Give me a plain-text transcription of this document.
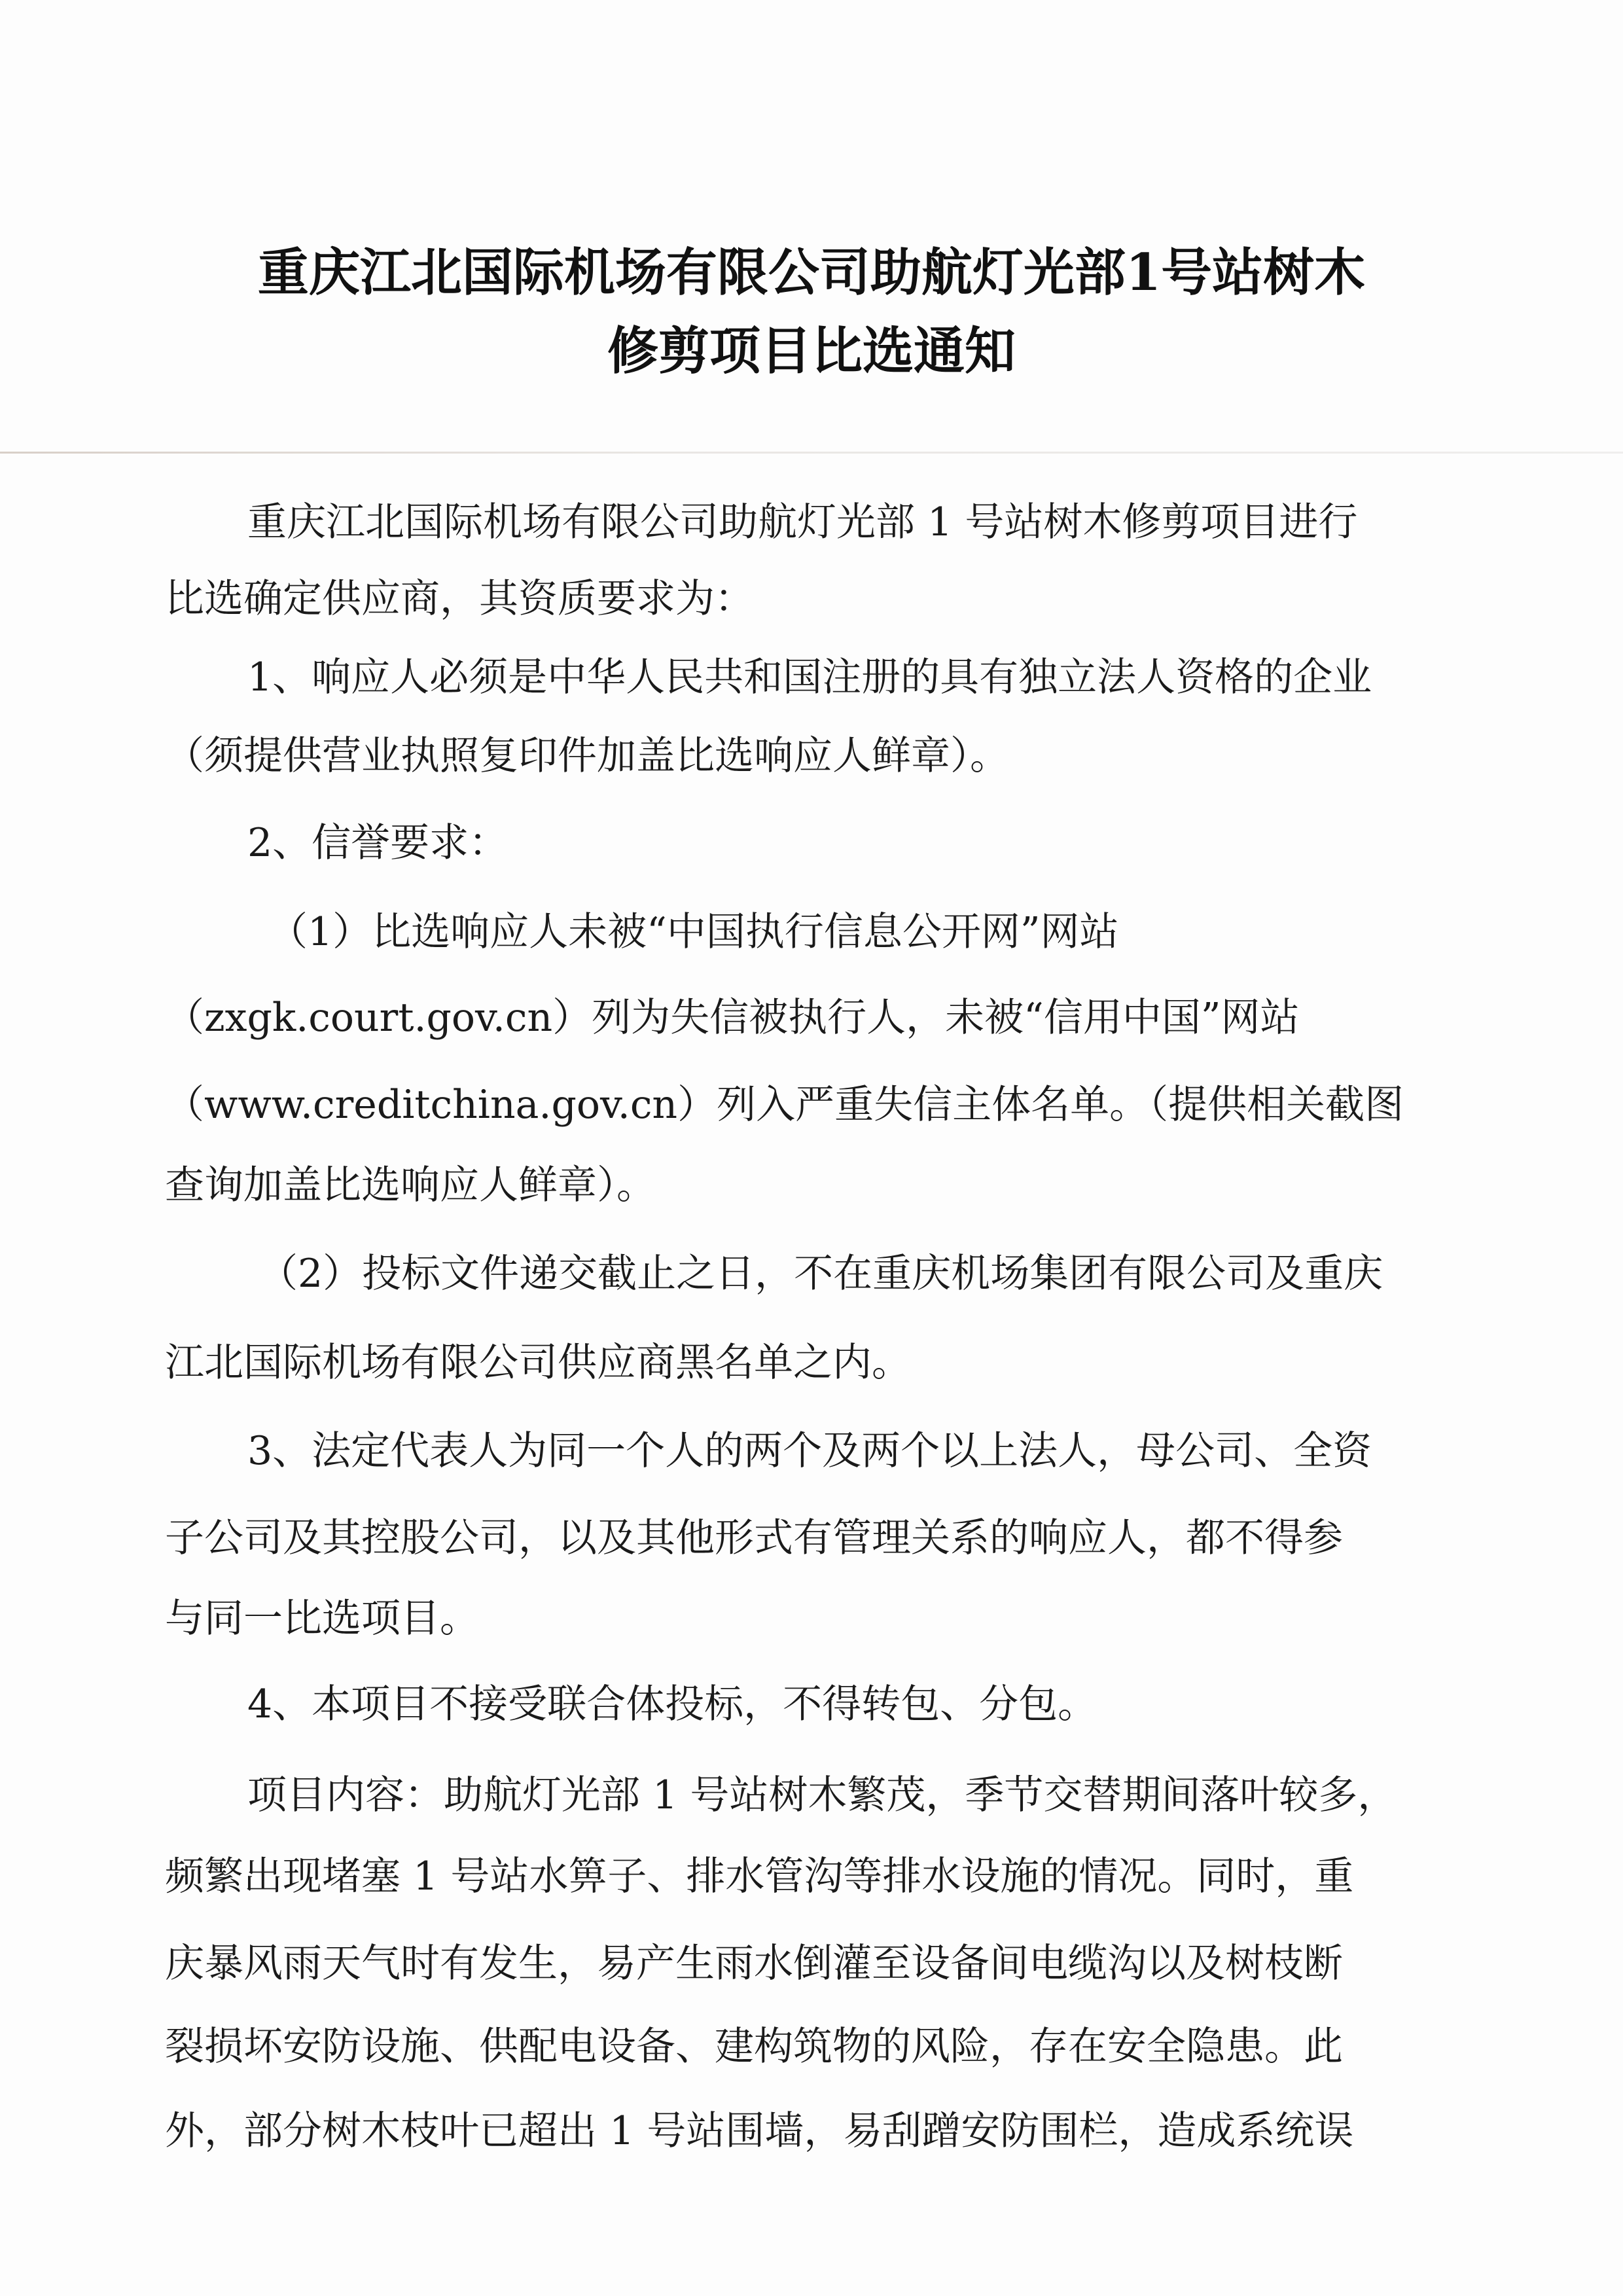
重庆江北国际机场有限公司助航灯光部1号站树木
修剪项目比选通知
重庆江北国际机场有限公司助航灯光部 1 号站树木修剪项目进行
比选确定供应商，其资质要求为：
1、响应人必须是中华人民共和国注册的具有独立法人资格的企业
（须提供营业执照复印件加盖比选响应人鲜章）。
2、信誉要求：
（1）比选响应人未被“中国执行信息公开网”网站
（zxgk.court.gov.cn）列为失信被执行人，未被“信用中国”网站
（www.creditchina.gov.cn）列入严重失信主体名单。（提供相关截图
查询加盖比选响应人鲜章）。
（2）投标文件递交截止之日，不在重庆机场集团有限公司及重庆
江北国际机场有限公司供应商黑名单之内。
3、法定代表人为同一个人的两个及两个以上法人，母公司、全资
子公司及其控股公司，以及其他形式有管理关系的响应人，都不得参
与同一比选项目。
4、本项目不接受联合体投标，不得转包、分包。
项目内容：助航灯光部 1 号站树木繁茂，季节交替期间落叶较多，
频繁出现堵塞 1 号站水箅子、排水管沟等排水设施的情况。同时，重
庆暴风雨天气时有发生，易产生雨水倒灌至设备间电缆沟以及树枝断
裂损坏安防设施、供配电设备、建构筑物的风险，存在安全隐患。此
外，部分树木枝叶已超出 1 号站围墙，易刮蹭安防围栏，造成系统误
